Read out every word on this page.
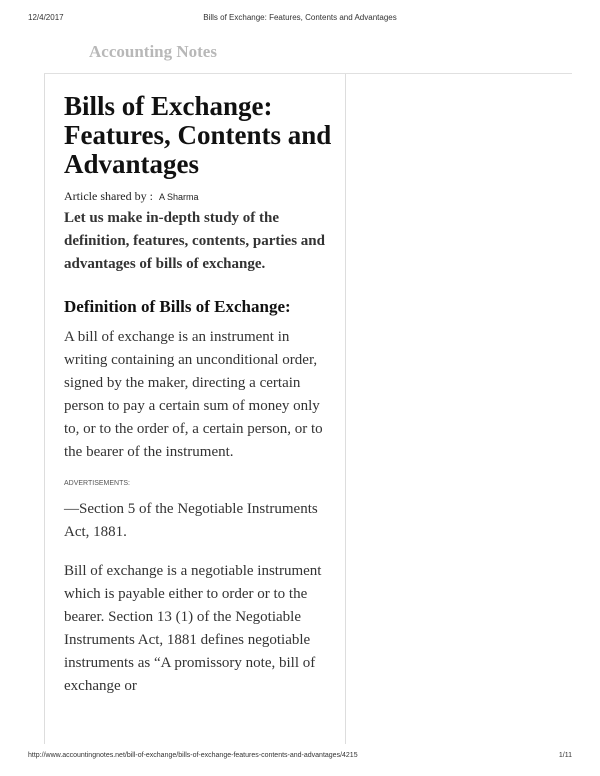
12/4/2017	Bills of Exchange: Features, Contents and Advantages
Accounting Notes
Bills of Exchange: Features, Contents and Advantages
Article shared by : A Sharma

Let us make in-depth study of the definition, features, contents, parties and advantages of bills of exchange.

Definition of Bills of Exchange:

A bill of exchange is an instrument in writing containing an unconditional order, signed by the maker, directing a certain person to pay a certain sum of money only to, or to the order of, a certain person, or to the bearer of the instrument.

ADVERTISEMENTS:

—Section 5 of the Negotiable Instruments Act, 1881.

Bill of exchange is a negotiable instrument which is payable either to order or to the bearer. Section 13 (1) of the Negotiable Instruments Act, 1881 defines negotiable instruments as “A promissory note, bill of exchange or

http://www.accountingnotes.net/bill-of-exchange/bills-of-exchange-features-contents-and-advantages/4215	1/11
